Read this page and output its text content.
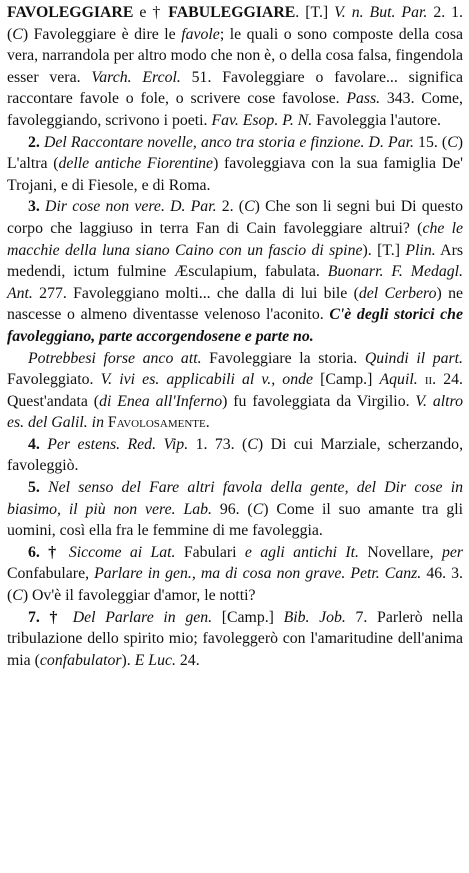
FAVOLEGGIARE e † FABULEGGIARE. [T.] V. n. But. Par. 2. 1. (C) Favoleggiare è dire le favole; le quali o sono composte della cosa vera, narrandola per altro modo che non è, o della cosa falsa, fingendola esser vera. Varch. Ercol. 51. Favoleggiare o favolare... significa raccontare favole o fole, o scrivere cose favolose. Pass. 343. Come, favoleggiando, scrivono i poeti. Fav. Esop. P. N. Favoleggia l'autore.

2. Del Raccontare novelle, anco tra storia e finzione. D. Par. 15. (C) L'altra (delle antiche Fiorentine) favoleggiava con la sua famiglia De' Trojani, e di Fiesole, e di Roma.

3. Dir cose non vere. D. Par. 2. (C) Che son li segni bui Di questo corpo che laggiuso in terra Fan di Cain favoleggiare altrui? (che le macchie della luna siano Caino con un fascio di spine). [T.] Plin. Ars medendi, ictum fulmine Æsculapium, fabulata. Buonarr. F. Medagl. Ant. 277. Favoleggiano molti... che dalla di lui bile (del Cerbero) ne nascesse o almeno diventasse velenoso l'aconito. C'è degli storici che favoleggiano, parte accorgendosene e parte no.

Potrebbesi forse anco att. Favoleggiare la storia. Quindi il part. Favoleggiato. V. ivi es. applicabili al v., onde [Camp.] Aquil. ii. 24. Quest'andata (di Enea all'Inferno) fu favoleggiata da Virgilio. V. altro es. del Galil. in Favolosamente.

4. Per estens. Red. Vip. 1. 73. (C) Di cui Marziale, scherzando, favoleggiò.

5. Nel senso del Fare altri favola della gente, del Dir cose in biasimo, il più non vere. Lab. 96. (C) Come il suo amante tra gli uomini, così ella fra le femmine di me favoleggia.

6. † Siccome ai Lat. Fabulari e agli antichi It. Novellare, per Confabulare, Parlare in gen., ma di cosa non grave. Petr. Canz. 46. 3. (C) Ov'è il favoleggiar d'amor, le notti?

7. † Del Parlare in gen. [Camp.] Bib. Job. 7. Parlerò nella tribulazione dello spirito mio; favoleggerò con l'amaritudine dell'anima mia (confabulator). E Luc. 24.
